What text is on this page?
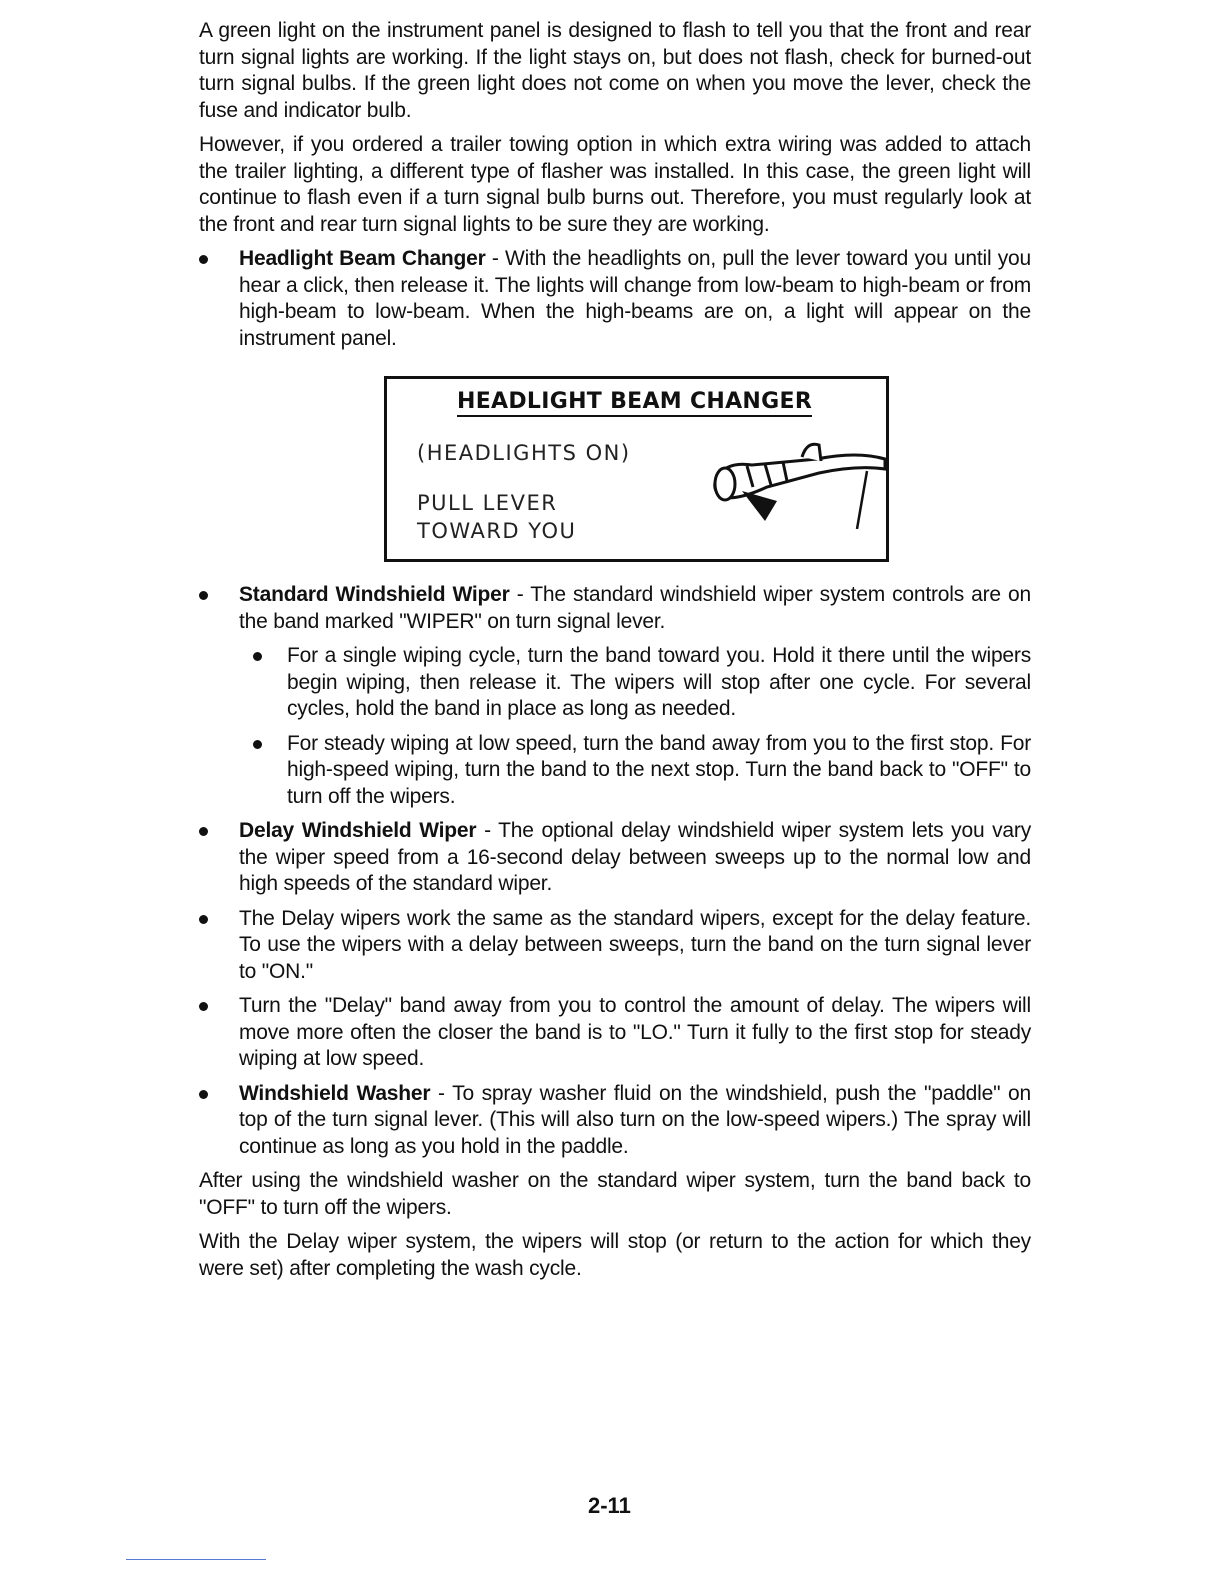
A green light on the instrument panel is designed to flash to tell you that the front and rear turn signal lights are working. If the light stays on, but does not flash, check for burned-out turn signal bulbs. If the green light does not come on when you move the lever, check the fuse and indicator bulb.

However, if you ordered a trailer towing option in which extra wiring was added to attach the trailer lighting, a different type of flasher was installed. In this case, the green light will continue to flash even if a turn signal bulb burns out. Therefore, you must regularly look at the front and rear turn signal lights to be sure they are working.

Headlight Beam Changer - With the headlights on, pull the lever toward you until you hear a click, then release it. The lights will change from low-beam to high-beam or from high-beam to low-beam. When the high-beams are on, a light will appear on the instrument panel.
HEADLIGHT BEAM CHANGER
(HEADLIGHTS ON)
PULL LEVER
TOWARD YOU
Standard Windshield Wiper - The standard windshield wiper system controls are on the band marked "WIPER" on turn signal lever.
For a single wiping cycle, turn the band toward you. Hold it there until the wipers begin wiping, then release it. The wipers will stop after one cycle. For several cycles, hold the band in place as long as needed.
For steady wiping at low speed, turn the band away from you to the first stop. For high-speed wiping, turn the band to the next stop. Turn the band back to "OFF" to turn off the wipers.
Delay Windshield Wiper - The optional delay windshield wiper system lets you vary the wiper speed from a 16-second delay between sweeps up to the normal low and high speeds of the standard wiper.
The Delay wipers work the same as the standard wipers, except for the delay feature. To use the wipers with a delay between sweeps, turn the band on the turn signal lever to "ON."
Turn the "Delay" band away from you to control the amount of delay. The wipers will move more often the closer the band is to "LO." Turn it fully to the first stop for steady wiping at low speed.
Windshield Washer - To spray washer fluid on the windshield, push the "paddle" on top of the turn signal lever. (This will also turn on the low-speed wipers.) The spray will continue as long as you hold in the paddle.

After using the windshield washer on the standard wiper system, turn the band back to "OFF" to turn off the wipers.

With the Delay wiper system, the wipers will stop (or return to the action for which they were set) after completing the wash cycle.

2-11
